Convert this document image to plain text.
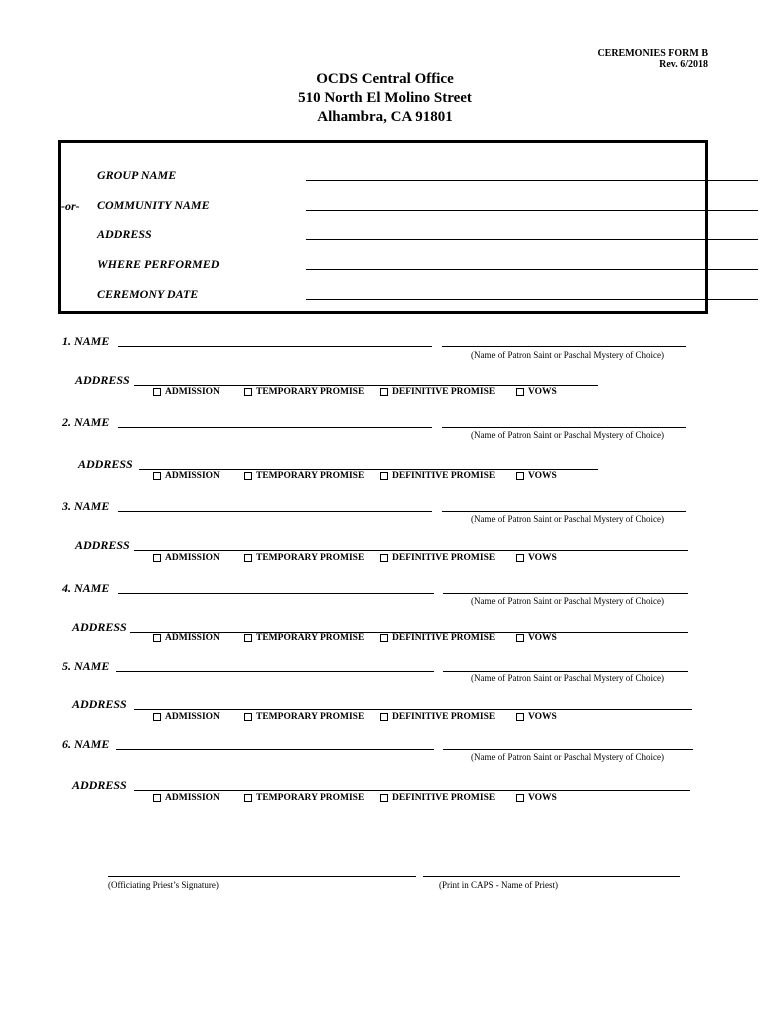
CEREMONIES FORM B
Rev. 6/2018
OCDS Central Office
510 North El Molino Street
Alhambra, CA 91801
-or-
GROUP NAME
COMMUNITY NAME
ADDRESS
WHERE PERFORMED
CEREMONY DATE
1. NAME
(Name of Patron Saint or Paschal Mystery of Choice)
ADDRESS
ADMISSION	TEMPORARY PROMISE	DEFINITIVE PROMISE	VOWS
2. NAME
(Name of Patron Saint or Paschal Mystery of Choice)
ADDRESS
ADMISSION	TEMPORARY PROMISE	DEFINITIVE PROMISE	VOWS
3. NAME
(Name of Patron Saint or Paschal Mystery of Choice)
ADDRESS
ADMISSION	TEMPORARY PROMISE	DEFINITIVE PROMISE	VOWS
4. NAME
(Name of Patron Saint or Paschal Mystery of Choice)
ADDRESS
ADMISSION	TEMPORARY PROMISE	DEFINITIVE PROMISE	VOWS
5. NAME
(Name of Patron Saint or Paschal Mystery of Choice)
ADDRESS
ADMISSION	TEMPORARY PROMISE	DEFINITIVE PROMISE	VOWS
6. NAME
(Name of Patron Saint or Paschal Mystery of Choice)
ADDRESS
ADMISSION	TEMPORARY PROMISE	DEFINITIVE PROMISE	VOWS
(Officiating Priest’s Signature)	(Print in CAPS - Name of Priest)
